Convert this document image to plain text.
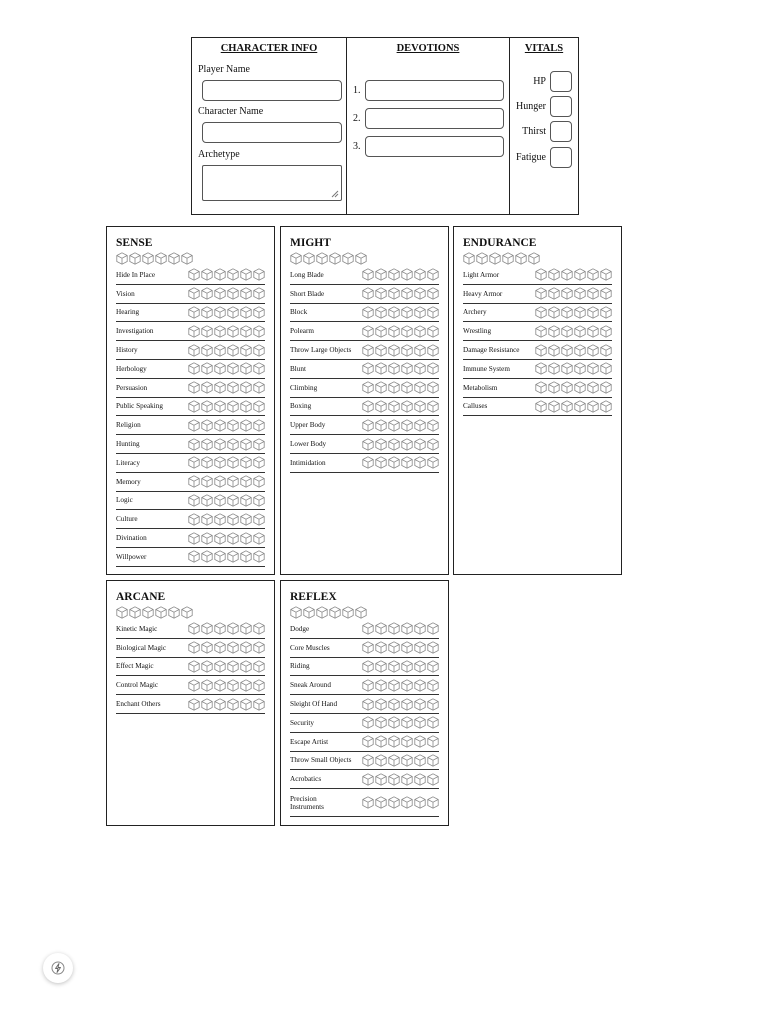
CHARACTER INFO
Player Name
Character Name
Archetype
DEVOTIONS
1.
2.
3.
VITALS
HP
Hunger
Thirst
Fatigue
SENSE
Hide In Place
Vision
Hearing
Investigation
History
Herbology
Persuasion
Public Speaking
Religion
Hunting
Literacy
Memory
Logic
Culture
Divination
Willpower
MIGHT
Long Blade
Short Blade
Block
Polearm
Throw Large Objects
Blunt
Climbing
Boxing
Upper Body
Lower Body
Intimidation
ENDURANCE
Light Armor
Heavy Armor
Archery
Wrestling
Damage Resistance
Immune System
Metabolism
Calluses
ARCANE
Kinetic Magic
Biological Magic
Effect Magic
Control Magic
Enchant Others
REFLEX
Dodge
Core Muscles
Riding
Sneak Around
Sleight Of Hand
Security
Escape Artist
Throw Small Objects
Acrobatics
Precision Instruments
